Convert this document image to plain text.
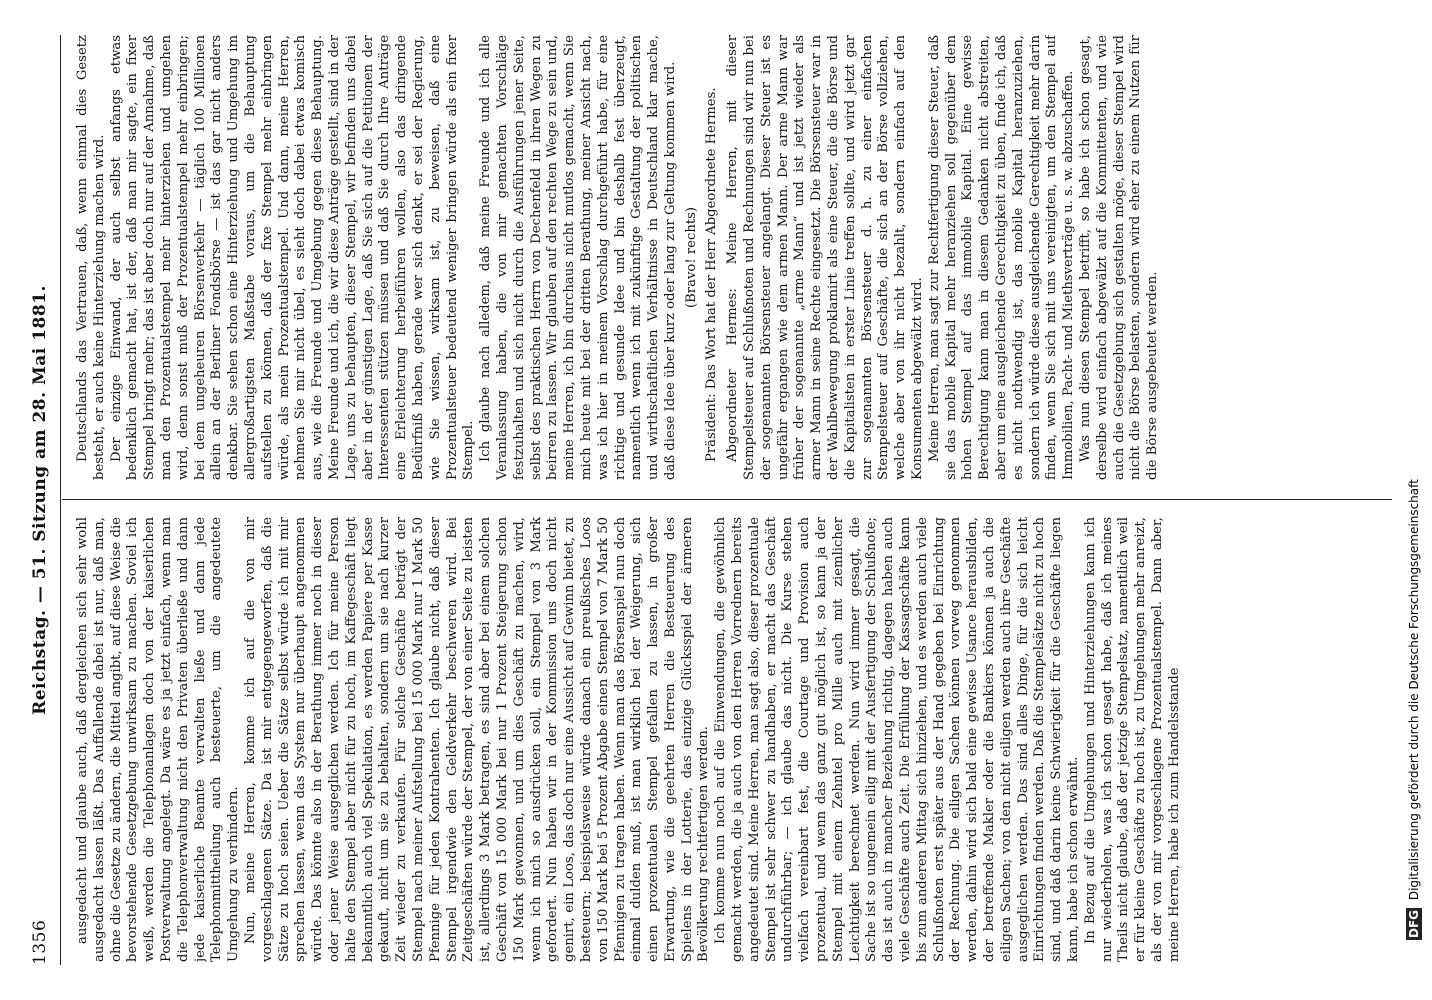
1356
Reichstag. — 51. Sitzung am 28. Mai 1881.

ausgedacht und glaube auch, daß dergleichen sich sehr wohl ausgedacht lassen läßt. Das Auffallende dabei ist nur, daß man, ohne die Gesetze zu ändern, die Mittel angibt, auf diese Weise die bevorstehende Gesetzgebung unwirksam zu machen. Soviel ich weiß, werden die Telephonanlagen doch von der kaiserlichen Postverwaltung angelegt. Da wäre es ja jetzt einfach, wenn man die Telephonverwaltung nicht den Privaten überließe und dann jede kaiserliche Beamte verwalten ließe und dann jede Telephonmittheilung auch besteuerte, um die angedeutete Umgehung zu verhindern. Nun, meine Herren, komme ich auf die von mir vorgeschlagenen Sätze. Da ist mir entgegengeworfen, daß die Sätze zu hoch seien. Ueber die Sätze selbst würde ich mit mir sprechen lassen, wenn das System nur überhaupt angenommen würde. Das könnte also in der Berathung immer noch in dieser oder jener Weise ausgeglichen werden. Ich für meine Person halte den Stempel aber nicht für zu hoch, im Kaffegeschäft liegt bekanntlich auch viel Spekulation, es werden Papiere per Kasse gekauft, nicht um sie zu behalten, sondern um sie nach kurzer Zeit wieder zu verkaufen. Für solche Geschäfte beträgt der Stempel nach meiner Aufstellung bei 15 000 Mark nur 1 Mark 50 Pfennige für jeden Kontrahenten. Ich glaube nicht, daß dieser Stempel irgendwie den Geldverkehr beschweren wird. Bei Zeitgeschäften würde der Stempel, der von einer Seite zu leisten ist, allerdings 3 Mark betragen, es sind aber bei einem solchen Geschäft von 15 000 Mark bei nur 1 Prozent Steigerung schon 150 Mark gewonnen, und um dies Geschäft zu machen, wird, wenn ich mich so ausdrücken soll, ein Stempel von 3 Mark gefordert. Nun haben wir in der Kommission uns doch nicht genirt, ein Loos, das doch nur eine Aussicht auf Gewinn bietet, zu besteuern; beispielsweise würde danach ein preußisches Loos von 150 Mark bei 5 Prozent Abgabe einen Stempel von 7 Mark 50 Pfennigen zu tragen haben. Wenn man das Börsenspiel nun doch einmal dulden muß, ist man wirklich bei der Weigerung, sich einen prozentualen Stempel gefallen zu lassen, in großer Erwartung, wie die geehrten Herren die Besteuerung des Spielens in der Lotterie, das einzige Glücksspiel der ärmeren Bevölkerung rechtfertigen werden. Ich komme nun noch auf die Einwendungen, die gewöhnlich gemacht werden, die ja auch von den Herren Vorrednern bereits angedeutet sind. Meine Herren, man sagt also, dieser prozentuale Stempel ist sehr schwer zu handhaben, er macht das Geschäft undurchführbar; — ich glaube das nicht. Die Kurse stehen vielfach vereinbart fest, die Courtage und Provision auch prozentual, und wenn das ganz gut möglich ist, so kann ja der Stempel mit einem Zehntel pro Mille auch mit ziemlicher Leichtigkeit berechnet werden. Nun wird immer gesagt, die Sache ist so ungemein eilig mit der Ausfertigung der Schlußnote; das ist auch in mancher Beziehung richtig, dagegen haben auch viele Geschäfte auch Zeit. Die Erfüllung der Kassagschäfte kann bis zum anderen Mittag sich hinziehen, und es werden auch viele Schlußnoten erst später aus der Hand gegeben bei Einrichtung der Rechnung. Die eiligen Sachen können vorweg genommen werden, dahin wird sich bald eine gewisse Usance herausbilden, der betreffende Makler oder die Bankiers können ja auch die eiligen Sachen; von den nicht eiligen werden auch ihre Geschäfte ausgeglichen werden. Das sind alles Dinge, für die sich leicht Einrichtungen finden werden. Daß die Stempelsätze nicht zu hoch sind, und daß darin keine Schwierigkeit für die Geschäfte liegen kann, habe ich schon erwähnt. In Bezug auf die Umgehungen und Hinterziehungen kann ich nur wiederholen, was ich schon gesagt habe, daß ich meines Theils nicht glaube, daß der jetzige Stempelsatz, namentlich weil er für kleine Geschäfte zu hoch ist, zu Umgehungen mehr anreizt, als der von mir vorgeschlagene Prozentualstempel. Dann aber, meine Herren, habe ich zum Handelsstande

Deutschlands das Vertrauen, daß, wenn einmal dies Gesetz besteht, er auch keine Hinterziehung machen wird. Der einzige Einwand, der auch selbst anfangs etwas bedenklich gemacht hat, ist der, daß man mir sagte, ein fixer Stempel bringt mehr; das ist aber doch nur auf der Annahme, daß man den Prozentualstempel mehr hinterziehen und umgehen wird, denn sonst muß der Prozentualstempel mehr einbringen; bei dem ungeheuren Börsenverkehr — täglich 100 Millionen allein an der Berliner Fondsbörse — ist das gar nicht anders denkbar. Sie sehen schon eine Hinterziehung und Umgehung im allergroßartigsten Maßstabe voraus, um die Behauptung aufstellen zu können, daß der fixe Stempel mehr einbringen würde, als mein Prozentualstempel. Und dann, meine Herren, nehmen Sie mir nicht übel, es sieht doch dabei etwas komisch aus, wie die Freunde und Umgebung gegen diese Behauptung. Meine Freunde und ich, die wir diese Anträge gestellt, sind in der Lage, uns zu behaupten, dieser Stempel, wir befinden uns dabei aber in der günstigen Lage, daß Sie sich auf die Petitionen der Interessenten stützen müssen und daß Sie durch Ihre Anträge eine Erleichterung herbeiführen wollen, also das dringende Bedürfniß haben, gerade wer sich denkt, er sei der Regierung, wie Sie wissen, wirksam ist, zu beweisen, daß eine Prozentualsteuer bedeutend weniger bringen würde als ein fixer Stempel. Ich glaube nach alledem, daß meine Freunde und ich alle Veranlassung haben, die von mir gemachten Vorschläge festzuhalten und sich nicht durch die Ausführungen jener Seite, selbst des praktischen Herrn von Dechenfeld in ihren Wegen zu beirren zu lassen. Wir glauben auf den rechten Wege zu sein und, meine Herren, ich bin durchaus nicht mutlos gemacht, wenn Sie mich heute mit bei der dritten Berathung, meiner Ansicht nach, was ich hier in meinem Vorschlag durchgeführt habe, für eine richtige und gesunde Idee und bin deshalb fest überzeugt, namentlich wenn ich mit zukünftige Gestaltung der politischen und wirthschaftlichen Verhältnisse in Deutschland klar mache, daß diese Idee über kurz oder lang zur Geltung kommen wird. (Bravo! rechts) Präsident: Das Wort hat der Herr Abgeordnete Hermes. Abgeordneter Hermes: Meine Herren, mit dieser Stempelsteuer auf Schlußnoten und Rechnungen sind wir nun bei der sogenannten Börsensteuer angelangt. Dieser Steuer ist es ungefähr ergangen wie dem armen Mann. Der arme Mann war früher der sogenannte „arme Mann“ und ist jetzt wieder als armer Mann in seine Rechte eingesetzt. Die Börsensteuer war in der Wahlbewegung proklamirt als eine Steuer, die die Börse und die Kapitalisten in erster Linie treffen sollte, und wird jetzt gar zur sogenannten Börsensteuer d. h. zu einer einfachen Stempelsteuer auf Geschäfte, die sich an der Börse vollziehen, welche aber von ihr nicht bezahlt, sondern einfach auf den Konsumenten abgewälzt wird. Meine Herren, man sagt zur Rechtfertigung dieser Steuer, daß sie das mobile Kapital mehr heranziehen soll gegenüber dem hohen Stempel auf das immobile Kapital. Eine gewisse Berechtigung kann man in diesem Gedanken nicht abstreiten, aber um eine ausgleichende Gerechtigkeit zu üben, finde ich, daß es nicht nothwendig ist, das mobile Kapital heranzuziehen, sondern ich würde diese ausgleichende Gerechtigkeit mehr darin finden, wenn Sie sich mit uns vereinigten, um den Stempel auf Immobilien, Pacht- und Miethsverträge u. s. w. abzuschaffen. Was nun diesen Stempel betrifft, so habe ich schon gesagt, derselbe wird einfach abgewälzt auf die Kommittenten, und wie auch die Gesetzgebung sich gestalten möge, dieser Stempel wird nicht die Börse belasten, sondern wird eher zu einem Nutzen für die Börse ausgebeutet werden.

DFG Digitalisierung gefördert durch die Deutsche Forschungsgemeinschaft
